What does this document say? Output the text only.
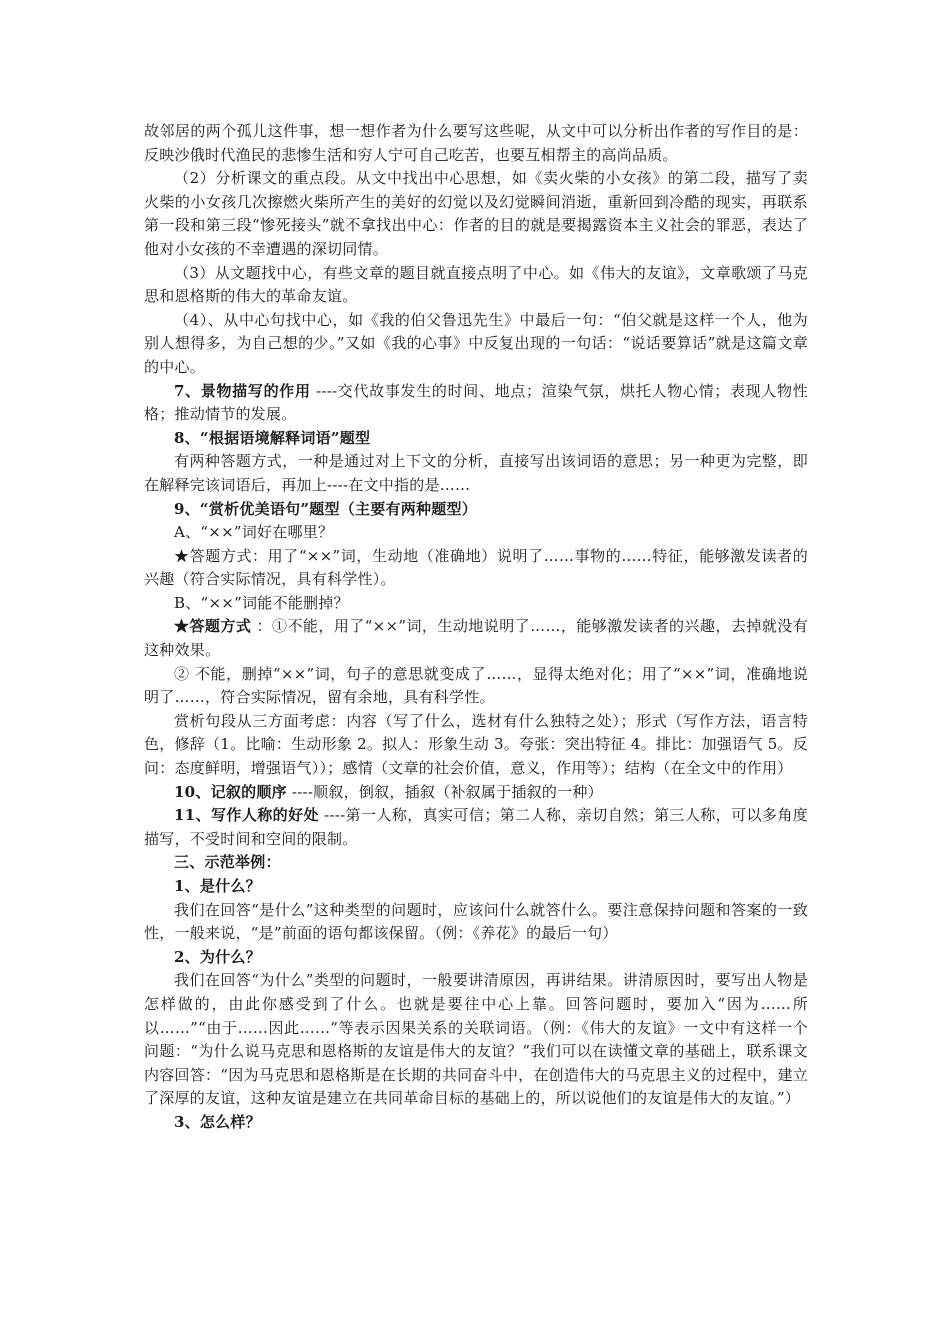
故邻居的两个孤儿这件事，想一想作者为什么要写这些呢，从文中可以分析出作者的写作目的是：反映沙俄时代渔民的悲惨生活和穷人宁可自己吃苦，也要互相帮主的高尚品质。

（2）分析课文的重点段。从文中找出中心思想，如《卖火柴的小女孩》的第二段，描写了卖火柴的小女孩几次擦燃火柴所产生的美好的幻觉以及幻觉瞬间消逝，重新回到冷酷的现实，再联系第一段和第三段“惨死接头”就不拿找出中心：作者的目的就是要揭露资本主义社会的罪恶，表达了他对小女孩的不幸遭遇的深切同情。

（3）从文题找中心，有些文章的题目就直接点明了中心。如《伟大的友谊》，文章歌颂了马克思和恩格斯的伟大的革命友谊。

（4）、从中心句找中心，如《我的伯父鲁迅先生》中最后一句：“伯父就是这样一个人，他为别人想得多，为自己想的少。”又如《我的心事》中反复出现的一句话：“说话要算话”就是这篇文章的中心。

7、景物描写的作用 ----交代故事发生的时间、地点；渲染气氛，烘托人物心情；表现人物性格；推动情节的发展。

8、“根据语境解释词语”题型

有两种答题方式，一种是通过对上下文的分析，直接写出该词语的意思；另一种更为完整，即在解释完该词语后，再加上----在文中指的是……

9、“赏析优美语句”题型（主要有两种题型）

A、“××”词好在哪里？

★答题方式：用了“××”词，生动地（准确地）说明了……事物的……特征，能够激发读者的兴趣（符合实际情况，具有科学性）。

B、“××”词能不能删掉？

★答题方式 ：①不能，用了“××”词，生动地说明了……，能够激发读者的兴趣，去掉就没有这种效果。

② 不能，删掉“××”词，句子的意思就变成了……，显得太绝对化；用了“××”词，准确地说明了……，符合实际情况，留有余地，具有科学性。

赏析句段从三方面考虑：内容（写了什么，选材有什么独特之处）；形式（写作方法，语言特色，修辞（1。比喻：生动形象 2。拟人：形象生动 3。夸张：突出特征 4。排比：加强语气 5。反问：态度鲜明，增强语气））；感情（文章的社会价值，意义，作用等）；结构（在全文中的作用）

10、记叙的顺序 ----顺叙，倒叙，插叙（补叙属于插叙的一种）

11、写作人称的好处 ----第一人称，真实可信；第二人称，亲切自然；第三人称，可以多角度描写，不受时间和空间的限制。

三、示范举例：

1、是什么？

我们在回答“是什么”这种类型的问题时，应该问什么就答什么。要注意保持问题和答案的一致性，一般来说，“是”前面的语句都该保留。（例：《养花》的最后一句）

2、为什么？

我们在回答“为什么”类型的问题时，一般要讲清原因，再讲结果。讲清原因时，要写出人物是怎样做的，由此你感受到了什么。也就是要往中心上靠。回答问题时，要加入“因为……所以……”“由于……因此……”等表示因果关系的关联词语。（例：《伟大的友谊》一文中有这样一个问题：“为什么说马克思和恩格斯的友谊是伟大的友谊？”我们可以在读懂文章的基础上，联系课文内容回答：“因为马克思和恩格斯是在长期的共同奋斗中，在创造伟大的马克思主义的过程中，建立了深厚的友谊，这种友谊是建立在共同革命目标的基础上的，所以说他们的友谊是伟大的友谊。”）

3、怎么样？
